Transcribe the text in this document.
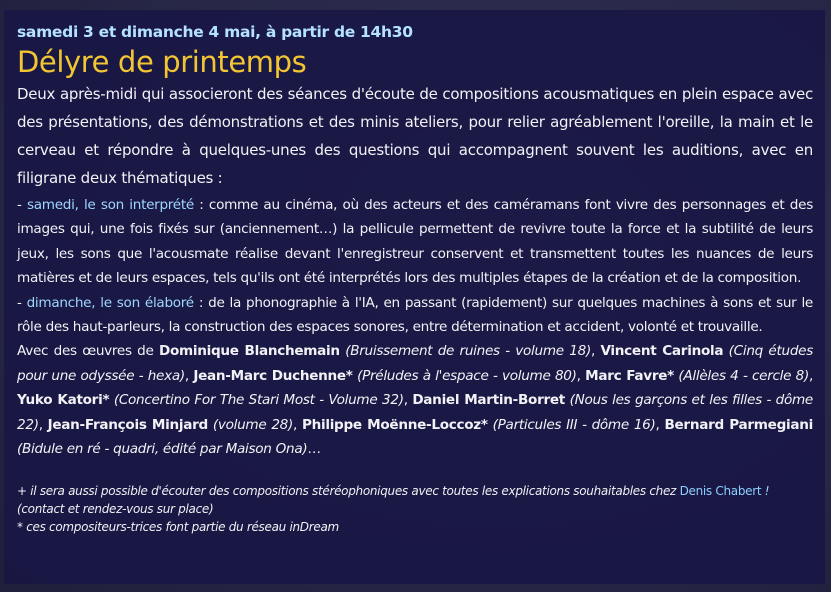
samedi 3 et dimanche 4 mai, à partir de 14h30
Délyre de printemps

Deux après-midi qui associeront des séances d'écoute de compositions acousmatiques en plein espace avec des présentations, des démonstrations et des minis ateliers, pour relier agréablement l'oreille, la main et le cerveau et répondre à quelques-unes des questions qui accompagnent souvent les auditions, avec en filigrane deux thématiques :

- samedi, le son interprété : comme au cinéma, où des acteurs et des caméramans font vivre des personnages et des images qui, une fois fixés sur (anciennement…) la pellicule permettent de revivre toute la force et la subtilité de leurs jeux, les sons que l'acousmate réalise devant l'enregistreur conservent et transmettent toutes les nuances de leurs matières et de leurs espaces, tels qu'ils ont été interprétés lors des multiples étapes de la création et de la composition.

- dimanche, le son élaboré : de la phonographie à l'IA, en passant (rapidement) sur quelques machines à sons et sur le rôle des haut-parleurs, la construction des espaces sonores, entre détermination et accident, volonté et trouvaille.

Avec des œuvres de Dominique Blanchemain (Bruissement de ruines - volume 18), Vincent Carinola (Cinq études pour une odyssée - hexa), Jean-Marc Duchenne* (Préludes à l'espace - volume 80), Marc Favre* (Allèles 4 - cercle 8), Yuko Katori* (Concertino For The Stari Most - Volume 32), Daniel Martin-Borret (Nous les garçons et les filles - dôme 22), Jean-François Minjard (volume 28), Philippe Moënne-Loccoz* (Particules III - dôme 16), Bernard Parmegiani (Bidule en ré - quadri, édité par Maison Ona)…

+ il sera aussi possible d'écouter des compositions stéréophoniques avec toutes les explications souhaitables chez Denis Chabert !
(contact et rendez-vous sur place)
* ces compositeurs-trices font partie du réseau inDream
